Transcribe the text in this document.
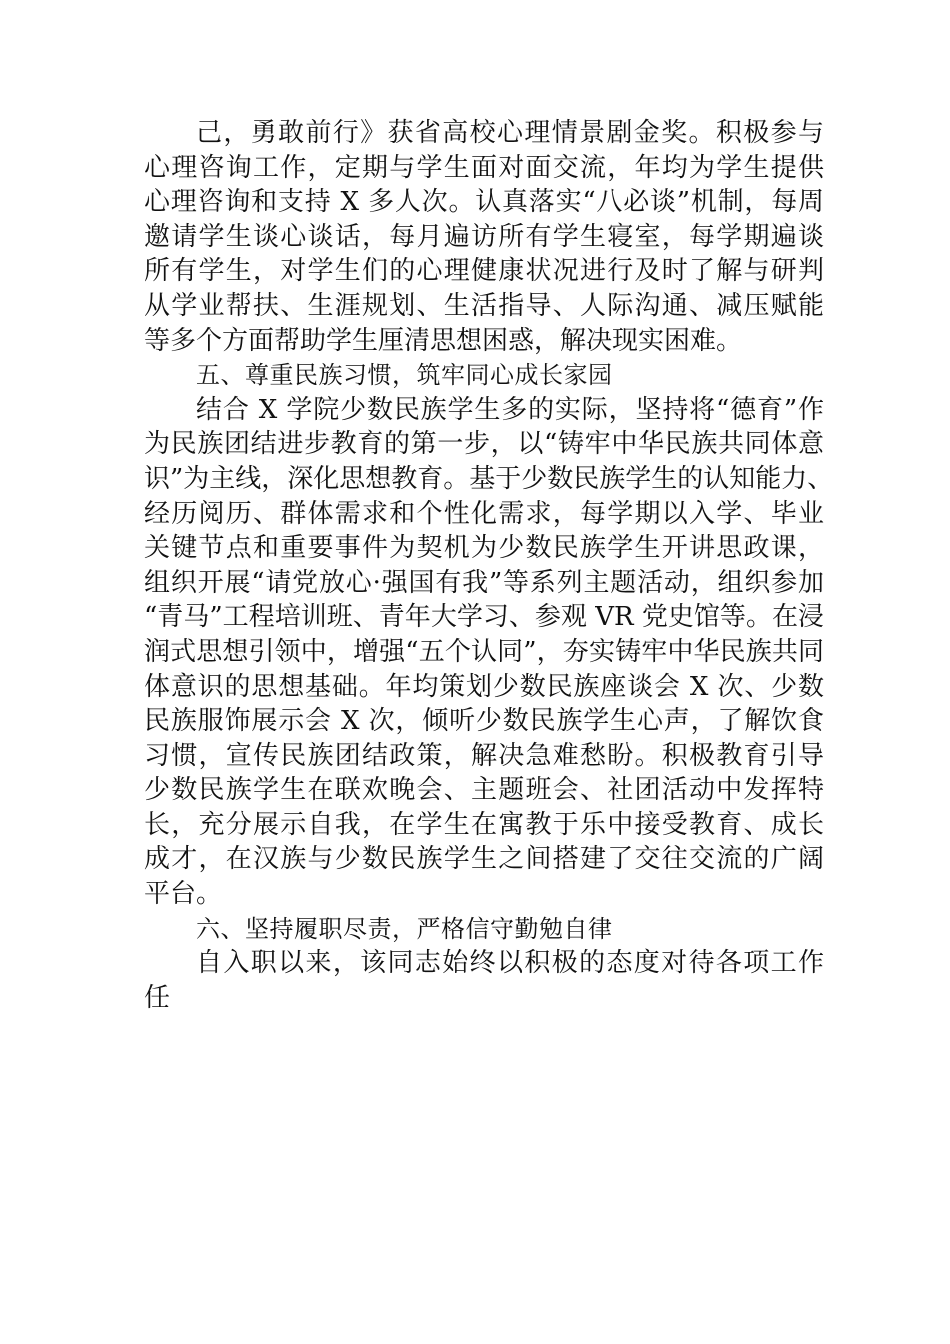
己，勇敢前行》获省高校心理情景剧金奖。积极参与
心理咨询工作，定期与学生面对面交流，年均为学生提供
心理咨询和支持 X 多人次。认真落实“八必谈”机制，每周
邀请学生谈心谈话，每月遍访所有学生寝室，每学期遍谈
所有学生，对学生们的心理健康状况进行及时了解与研判
从学业帮扶、生涯规划、生活指导、人际沟通、减压赋能
等多个方面帮助学生厘清思想困惑，解决现实困难。
五、尊重民族习惯，筑牢同心成长家园
结合 X 学院少数民族学生多的实际，坚持将“德育”作
为民族团结进步教育的第一步，以“铸牢中华民族共同体意
识”为主线，深化思想教育。基于少数民族学生的认知能力、
经历阅历、群体需求和个性化需求，每学期以入学、毕业
关键节点和重要事件为契机为少数民族学生开讲思政课，
组织开展“请党放心·强国有我”等系列主题活动，组织参加
“青马”工程培训班、青年大学习、参观 VR 党史馆等。在浸
润式思想引领中，增强“五个认同”，夯实铸牢中华民族共同
体意识的思想基础。年均策划少数民族座谈会 X 次、少数
民族服饰展示会 X 次，倾听少数民族学生心声，了解饮食
习惯，宣传民族团结政策，解决急难愁盼。积极教育引导
少数民族学生在联欢晚会、主题班会、社团活动中发挥特
长，充分展示自我，在学生在寓教于乐中接受教育、成长
成才，在汉族与少数民族学生之间搭建了交往交流的广阔
平台。
六、坚持履职尽责，严格信守勤勉自律
自入职以来，该同志始终以积极的态度对待各项工作
任
